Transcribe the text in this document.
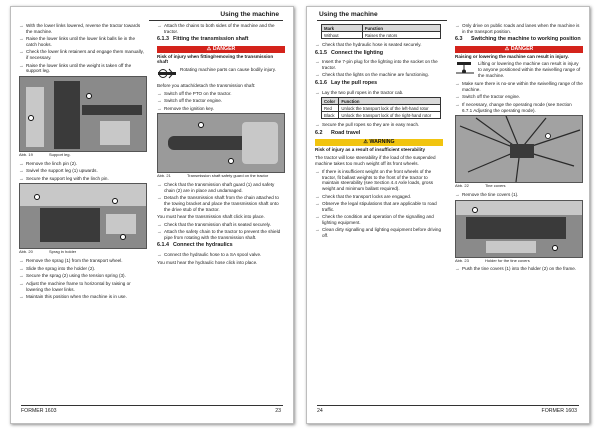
Using the machine
→ With the lower links lowered, reverse the tractor towards the machine.
→ Raise the lower links until the lower link balls lie in the catch hooks.
→ Check the lower link retainers and engage them manually, if necessary.
→ Raise the lower links until the weight is taken off the support leg.
Abb. 19	Support leg.
→ Remove the linch pin (2).
→ Swivel the support leg (1) upwards.
→ Secure the support leg with the linch pin.
Abb. 20	Sprag in holder
→ Remove the sprag (1) from the transport wheel.
→ Slide the sprag into the holder (2).
→ Secure the sprag (2) using the tension spring (3).
→ Adjust the machine frame to horizontal by raising or lowering the lower links.
→ Maintain this position when the machine is in use.
→ Attach the chains to both sides of the machine and the tractor.
6.1.3 Fitting the transmission shaft
⚠ DANGER
Risk of injury when fitting/removing the transmission shaft
Rotating machine parts can cause bodily injury.

Before you attach/detach the transmission shaft:

→ Switch off the PTO on the tractor.
→ Switch off the tractor engine.
→ Remove the ignition key.
Abb. 21	Transmission shaft safety guard on the tractor
→ Check that the transmission shaft guard (1) and safety chain (2) are in place and undamaged.
→ Detach the transmission shaft from the chain attached to the towing bracket and place the transmission shaft onto the drive stub of the tractor.

You must hear the transmission shaft click into place.

→ Check that the transmission shaft is seated securely.
→ Attach the safety chain to the tractor to prevent the shield pipe from rotating with the transmission shaft.
6.1.4 Connect the hydraulics
→ Connect the hydraulic hose to a SA spool valve.

You must hear the hydraulic hose click into place.

FORMER 1603	23
Using the machine
Mark	Function
Without	Raises the rotors
→ Check that the hydraulic hose is seated securely.
6.1.5 Connect the lighting
→ Insert the 7-pin plug for the lighting into the socket on the tractor.
→ Check that the lights on the machine are functioning.
6.1.6 Lay the pull ropes
→ Lay the two pull ropes in the tractor cab.
Color	Function
Red	Unlock the transport lock of the left-hand rotor
Black	Unlock the transport lock of the right-hand rotor
→ Secure the pull ropes so they are in easy reach.
6.2	Road travel
⚠ WARNING
Risk of injury as a result of insufficient steerability

The tractor will lose steerability if the load of the suspended machine takes too much weight off its front wheels.

→ If there is insufficient weight on the front wheels of the tractor, fit ballast weights to the front of the tractor to maintain steerability (see Section 4.4 Axle loads, gross weight and minimum ballast required).
→ Check that the transport locks are engaged.
→ Observe the legal stipulations that are applicable to road traffic.
→ Check the condition and operation of the signalling and lighting equipment.
→ Clean dirty signalling and lighting equipment before driving off.
→ Only drive on public roads and lanes when the machine is in the transport position.
6.3	Switching the machine to working position
⚠ DANGER
Raising or lowering the machine can result in injury.
Lifting or lowering the machine can result in injury to anyone positioned within the swivelling range of the machine.
→ Make sure there is no-one within the swivelling range of the machine.
→ Switch off the tractor engine.
→ If necessary, change the operating mode (see Section 6.7.1 Adjusting the operating mode).
Abb. 22	Tine covers
→ Remove the tine covers (1).
Abb. 23	Holder for the tine covers
→ Push the tine covers (1) into the holder (2) on the frame.
24	FORMER 1603
